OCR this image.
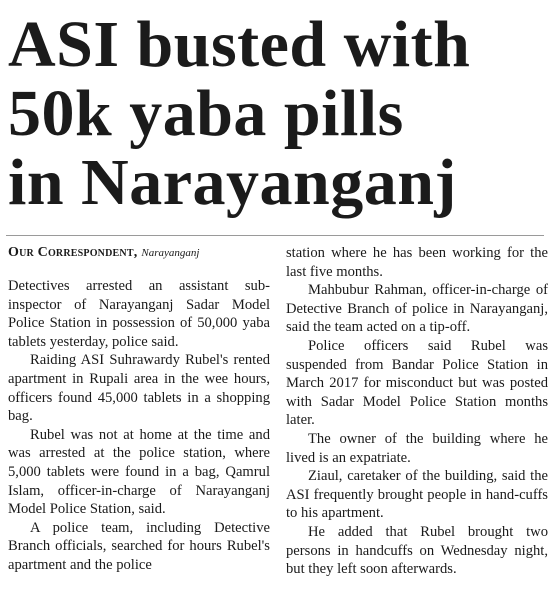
ASI busted with
50k yaba pills
in Narayanganj
Our Correspondent, Narayanganj

Detectives arrested an assistant sub-inspector of Narayanganj Sadar Model Police Station in possession of 50,000 yaba tablets yesterday, police said.

Raiding ASI Suhrawardy Rubel's rented apartment in Rupali area in the wee hours, officers found 45,000 tablets in a shopping bag.

Rubel was not at home at the time and was arrested at the police station, where 5,000 tablets were found in a bag, Qamrul Islam, officer-in-charge of Narayanganj Model Police Station, said.

A police team, including Detective Branch officials, searched for hours Rubel's apartment and the police

station where he has been working for the last five months.

Mahbubur Rahman, officer-in-charge of Detective Branch of police in Narayanganj, said the team acted on a tip-off.

Police officers said Rubel was suspended from Bandar Police Station in March 2017 for misconduct but was posted with Sadar Model Police Station months later.

The owner of the building where he lived is an expatriate.

Ziaul, caretaker of the building, said the ASI frequently brought people in hand-cuffs to his apartment.

He added that Rubel brought two persons in handcuffs on Wednesday night, but they left soon afterwards.
